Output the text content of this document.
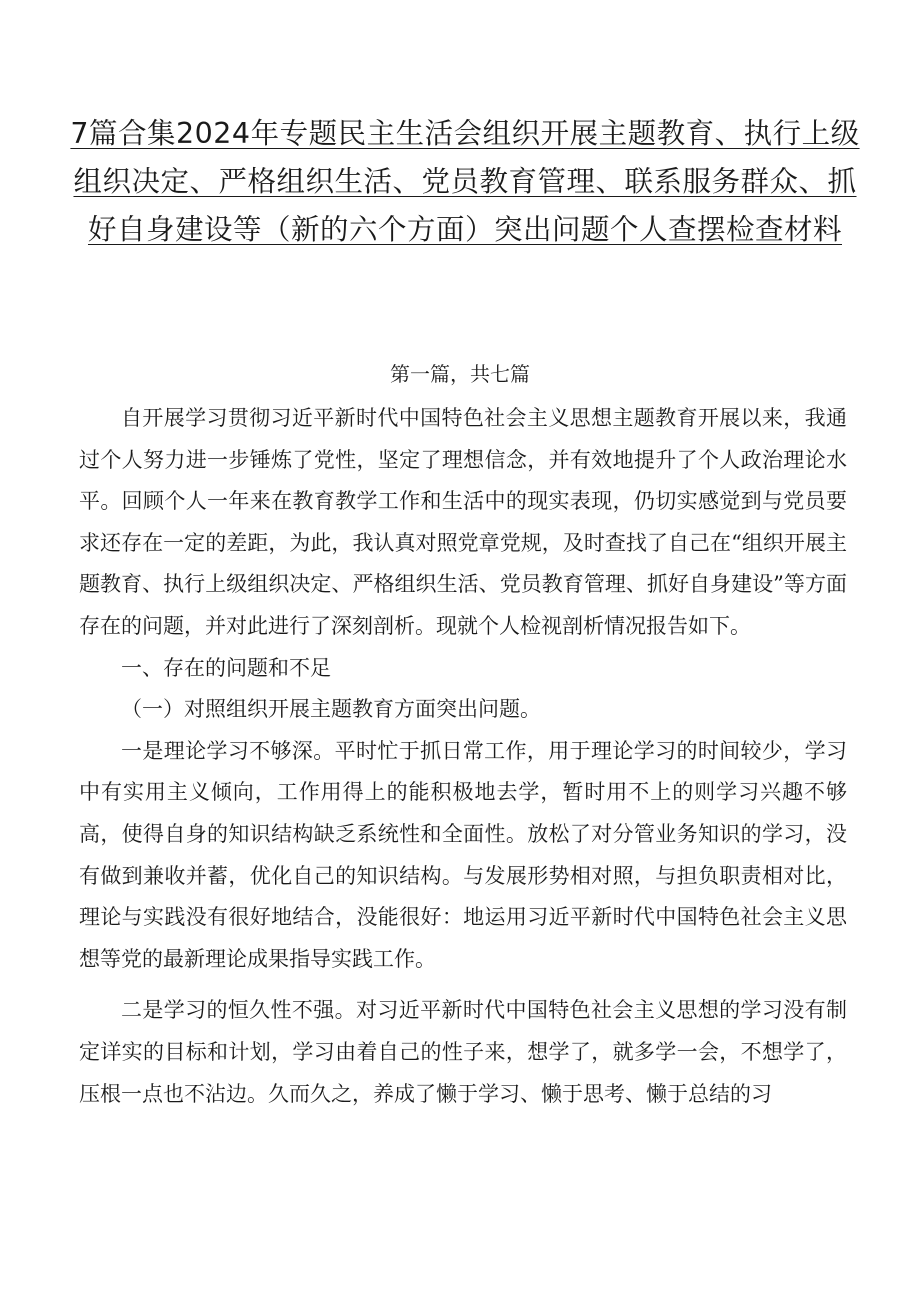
7篇合集2024年专题民主生活会组织开展主题教育、执行上级组织决定、严格组织生活、党员教育管理、联系服务群众、抓好自身建设等（新的六个方面）突出问题个人查摆检查材料
第一篇，共七篇

自开展学习贯彻习近平新时代中国特色社会主义思想主题教育开展以来，我通过个人努力进一步锤炼了党性，坚定了理想信念，并有效地提升了个人政治理论水平。回顾个人一年来在教育教学工作和生活中的现实表现，仍切实感觉到与党员要求还存在一定的差距，为此，我认真对照党章党规，及时查找了自己在“组织开展主题教育、执行上级组织决定、严格组织生活、党员教育管理、抓好自身建设”等方面存在的问题，并对此进行了深刻剖析。现就个人检视剖析情况报告如下。

一、存在的问题和不足

（一）对照组织开展主题教育方面突出问题。

一是理论学习不够深。平时忙于抓日常工作，用于理论学习的时间较少，学习中有实用主义倾向，工作用得上的能积极地去学，暂时用不上的则学习兴趣不够高，使得自身的知识结构缺乏系统性和全面性。放松了对分管业务知识的学习，没有做到兼收并蓄，优化自己的知识结构。与发展形势相对照，与担负职责相对比，理论与实践没有很好地结合，没能很好：地运用习近平新时代中国特色社会主义思想等党的最新理论成果指导实践工作。

二是学习的恒久性不强。对习近平新时代中国特色社会主义思想的学习没有制定详实的目标和计划，学习由着自己的性子来，想学了，就多学一会，不想学了，压根一点也不沾边。久而久之，养成了懒于学习、懒于思考、懒于总结的习
